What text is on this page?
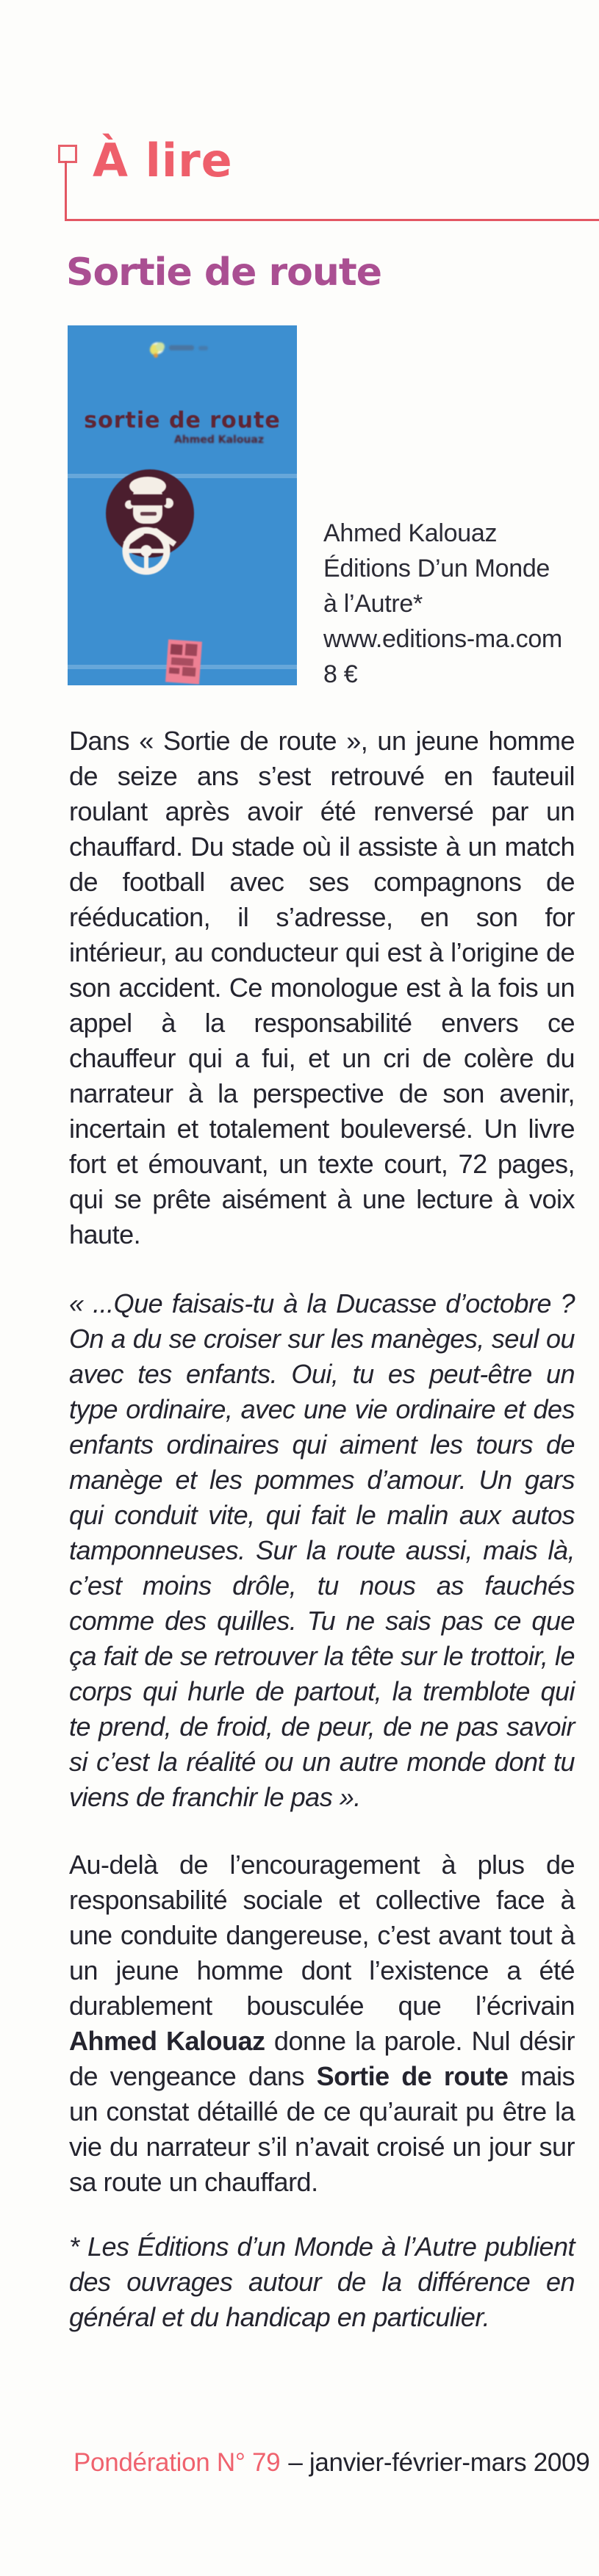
À lire
Sortie de route
sortie de route
Ahmed Kalouaz
Ahmed Kalouaz
Éditions D’un Monde
à l’Autre*
www.editions-ma.com
8 €

Dans « Sortie de route », un jeune homme de seize ans s’est retrouvé en fauteuil roulant après avoir été renversé par un chauffard. Du stade où il assiste à un match de football avec ses compagnons de rééducation, il s’adresse, en son for intérieur, au conducteur qui est à l’origine de son accident. Ce monologue est à la fois un appel à la responsabilité envers ce chauffeur qui a fui, et un cri de colère du narrateur à la perspective de son avenir, incertain et totalement bouleversé. Un livre fort et émouvant, un texte court, 72 pages, qui se prête aisément à une lecture à voix haute.

« ...Que faisais-tu à la Ducasse d’octobre ? On a du se croiser sur les manèges, seul ou avec tes enfants. Oui, tu es peut-être un type ordinaire, avec une vie ordinaire et des enfants ordinaires qui aiment les tours de manège et les pommes d’amour. Un gars qui conduit vite, qui fait le malin aux autos tamponneuses. Sur la route aussi, mais là, c’est moins drôle, tu nous as fauchés comme des quilles. Tu ne sais pas ce que ça fait de se retrouver la tête sur le trottoir, le corps qui hurle de partout, la tremblote qui te prend, de froid, de peur, de ne pas savoir si c’est la réalité ou un autre monde dont tu viens de franchir le pas ».

Au-delà de l’encouragement à plus de responsabilité sociale et collective face à une conduite dangereuse, c’est avant tout à un jeune homme dont l’existence a été durablement bousculée que l’écrivain Ahmed Kalouaz donne la parole. Nul désir de vengeance dans Sortie de route mais un constat détaillé de ce qu’aurait pu être la vie du narrateur s’il n’avait croisé un jour sur sa route un chauffard.

* Les Éditions d’un Monde à l’Autre publient des ouvrages autour de la différence en général et du handicap en particulier.

Pondération N° 79 – janvier-février-mars 2009
